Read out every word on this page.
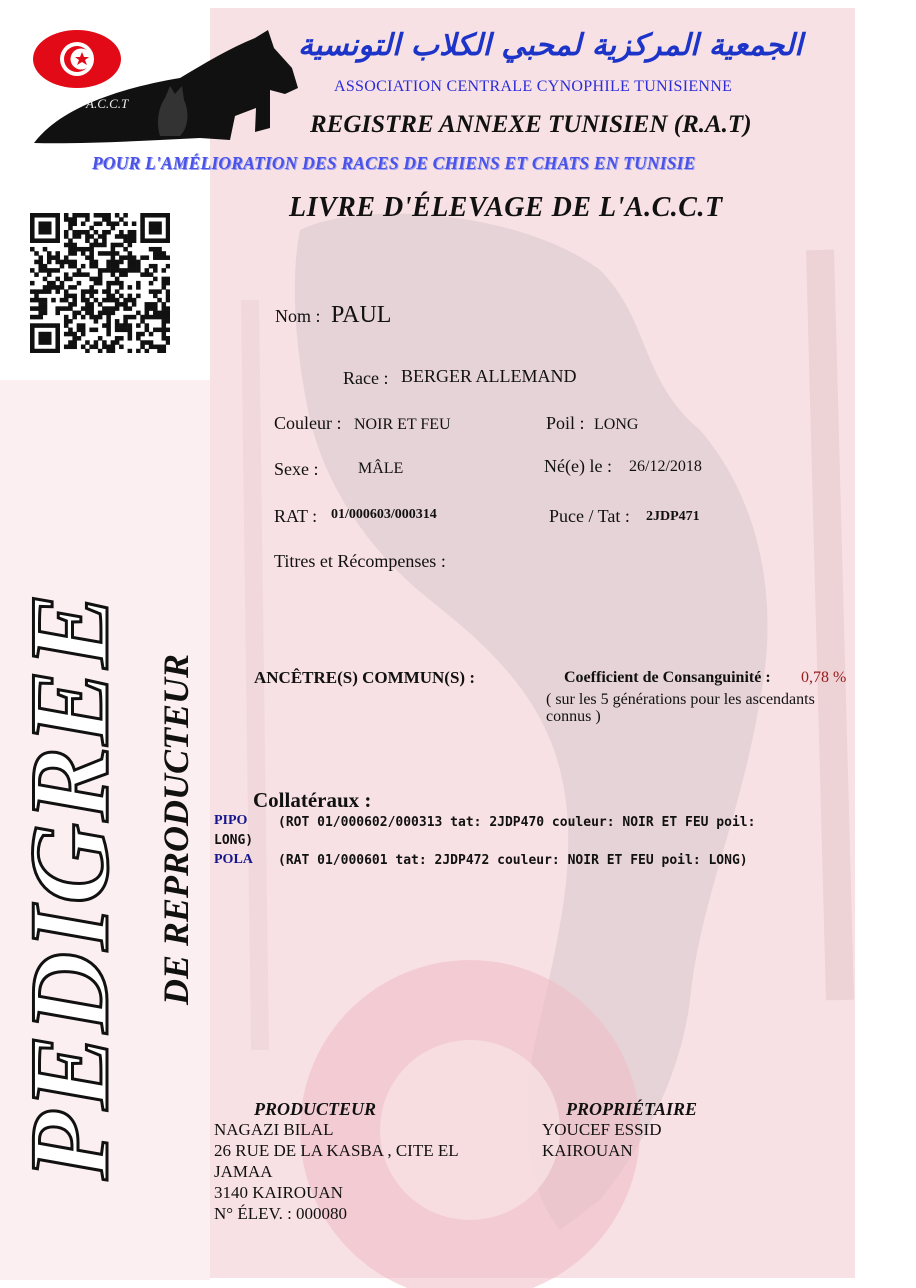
A.C.C.T
الجمعية المركزية لمحبي الكلاب التونسية
ASSOCIATION CENTRALE CYNOPHILE TUNISIENNE
REGISTRE ANNEXE TUNISIEN (R.A.T)
POUR L'AMÉLIORATION DES RACES DE CHIENS ET CHATS EN TUNISIE
LIVRE D'ÉLEVAGE DE L'A.C.C.T
PEDIGREE DE REPRODUCTEUR
Nom : PAUL
Race : BERGER ALLEMAND
Couleur : NOIR ET FEU	Poil : LONG
Sexe : MÂLE	Né(e) le : 26/12/2018
RAT : 01/000603/000314	Puce / Tat : 2JDP471
Titres et Récompenses :
ANCÊTRE(S) COMMUN(S) :	Coefficient de Consanguinité : 0,78 %
( sur les 5 générations pour les ascendants
connus )
Collatéraux :
PIPO (ROT 01/000602/000313 tat: 2JDP470 couleur: NOIR ET FEU poil:
LONG)
POLA (RAT 01/000601 tat: 2JDP472 couleur: NOIR ET FEU poil: LONG)
PRODUCTEUR
NAGAZI BILAL
26 RUE DE LA KASBA , CITE EL
JAMAA
3140 KAIROUAN
N° ÉLEV. : 000080
PROPRIÉTAIRE
YOUCEF ESSID
KAIROUAN
